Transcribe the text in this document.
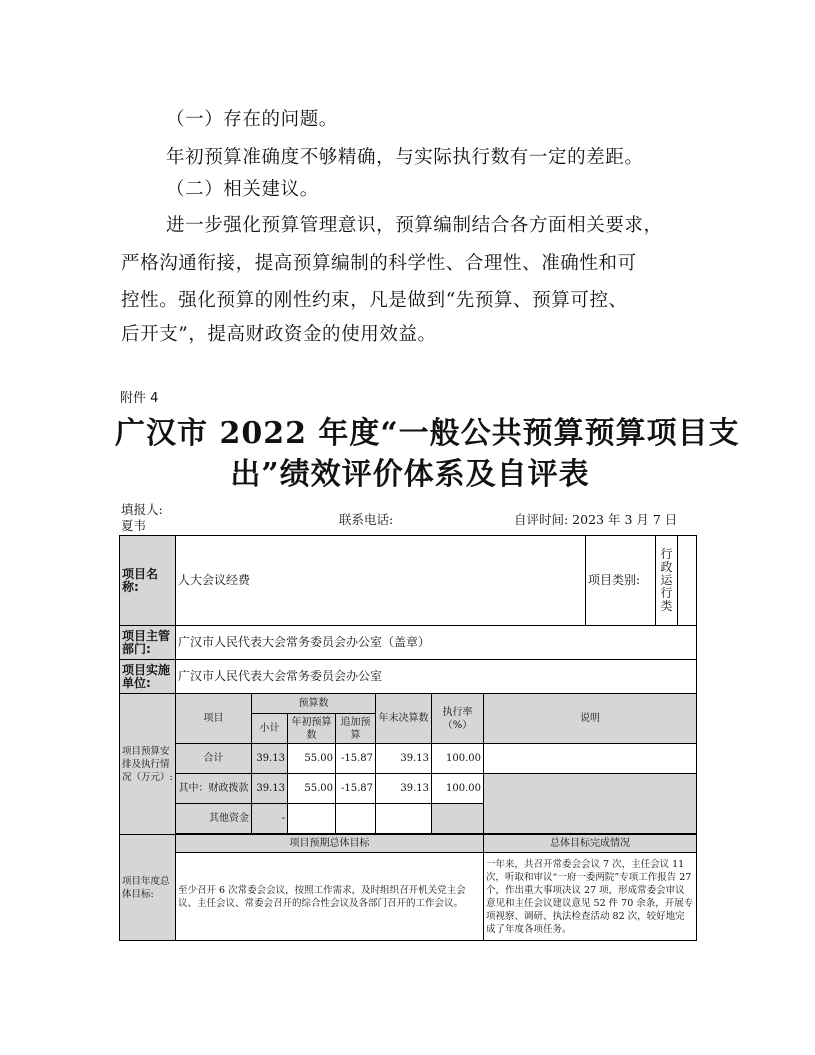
（一）存在的问题。
年初预算准确度不够精确，与实际执行数有一定的差距。
（二）相关建议。
进一步强化预算管理意识，预算编制结合各方面相关要求，
严格沟通衔接，提高预算编制的科学性、合理性、准确性和可
控性。强化预算的刚性约束，凡是做到“先预算、预算可控、
后开支”，提高财政资金的使用效益。
附件 4
广汉市 2022 年度“一般公共预算预算项目支
出”绩效评价体系及自评表
填报人:
夏韦	联系电话:	自评时间: 2023 年 3 月 7 日
项目名称:	人大会议经费							项目类别:	行
政
运
行
类	

项目主管部门:	广汉市人民代表大会常务委员会办公室（盖章）									
项目实施单位:	广汉市人民代表大会常务委员会办公室									
项目预算安排及执行情况（万元）:	项目	预算数			年末决算数	执行率（%）	说明			
		小计	年初预算数	追加预算						
	合计	39.13	55.00	-15.87	39.13	100.00				
	其中：财政拨款	39.13	55.00	-15.87	39.13	100.00				
	其他资金	-								

项目年度总体目标:	项目预期总体目标						总体目标完成情况			
	至少召开 6 次常委会会议，按照工作需求，及时组织召开机关党主会议、主任会议、常委会召开的综合性会议及各部门召开的工作会议。						一年来，共召开常委会会议 7 次，主任会议 11 次，听取和审议“一府一委两院”专项工作报告 27 个，作出重大事项决议 27 项，形成常委会审议意见和主任会议建议意见 52 件 70 余条，开展专项视察、调研、执法检查活动 82 次，较好地完成了年度各项任务。			
